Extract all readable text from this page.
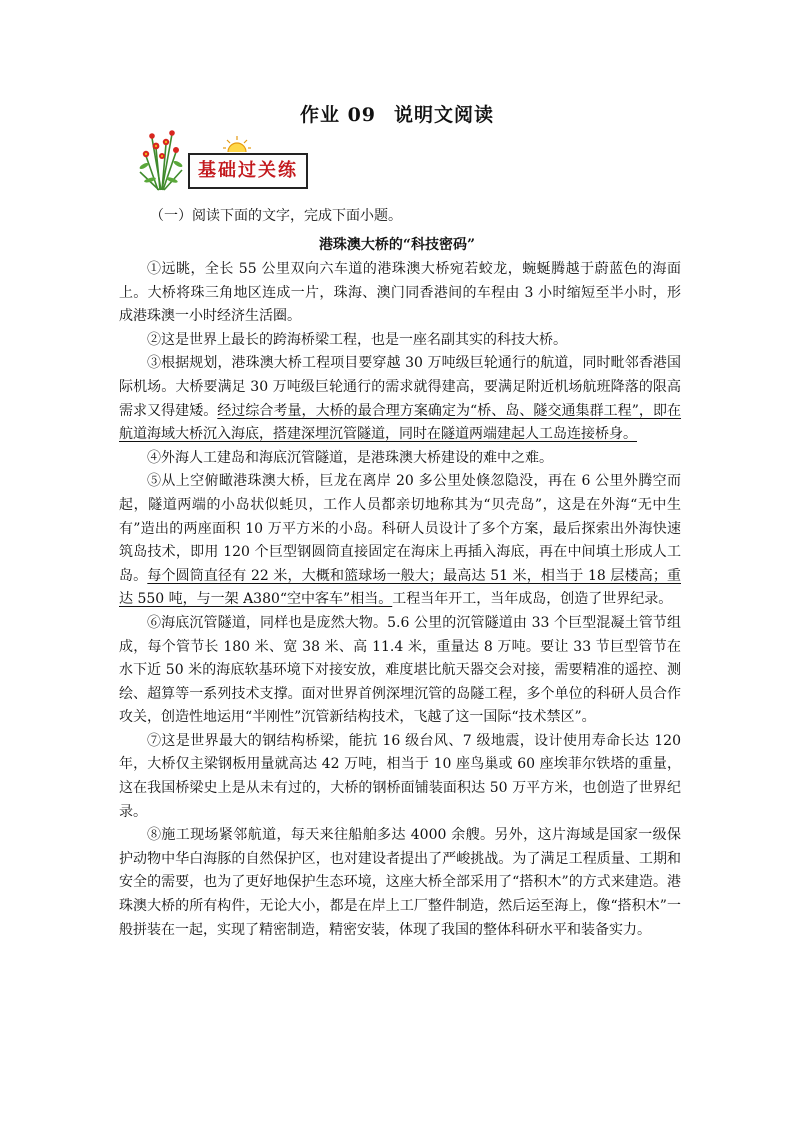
作业 09 说明文阅读
基础过关练
（一）阅读下面的文字，完成下面小题。
港珠澳大桥的“科技密码”

①远眺，全长 55 公里双向六车道的港珠澳大桥宛若蛟龙，蜿蜒腾越于蔚蓝色的海面上。大桥将珠三角地区连成一片，珠海、澳门同香港间的车程由 3 小时缩短至半小时，形成港珠澳一小时经济生活圈。

②这是世界上最长的跨海桥梁工程，也是一座名副其实的科技大桥。

③根据规划，港珠澳大桥工程项目要穿越 30 万吨级巨轮通行的航道，同时毗邻香港国际机场。大桥要满足 30 万吨级巨轮通行的需求就得建高，要满足附近机场航班降落的限高需求又得建矮。经过综合考量，大桥的最合理方案确定为“桥、岛、隧交通集群工程”，即在航道海域大桥沉入海底，搭建深埋沉管隧道，同时在隧道两端建起人工岛连接桥身。

④外海人工建岛和海底沉管隧道，是港珠澳大桥建设的难中之难。

⑤从上空俯瞰港珠澳大桥，巨龙在离岸 20 多公里处倏忽隐没，再在 6 公里外腾空而起，隧道两端的小岛状似蚝贝，工作人员都亲切地称其为“贝壳岛”，这是在外海“无中生有”造出的两座面积 10 万平方米的小岛。科研人员设计了多个方案，最后探索出外海快速筑岛技术，即用 120 个巨型钢圆筒直接固定在海床上再插入海底，再在中间填土形成人工岛。每个圆筒直径有 22 米，大概和篮球场一般大；最高达 51 米，相当于 18 层楼高；重达 550 吨，与一架 A380“空中客车”相当。工程当年开工，当年成岛，创造了世界纪录。

⑥海底沉管隧道，同样也是庞然大物。5.6 公里的沉管隧道由 33 个巨型混凝土管节组成，每个管节长 180 米、宽 38 米、高 11.4 米，重量达 8 万吨。要让 33 节巨型管节在水下近 50 米的海底软基环境下对接安放，难度堪比航天器交会对接，需要精准的遥控、测绘、超算等一系列技术支撑。面对世界首例深埋沉管的岛隧工程，多个单位的科研人员合作攻关，创造性地运用“半刚性”沉管新结构技术，飞越了这一国际“技术禁区”。

⑦这是世界最大的钢结构桥梁，能抗 16 级台风、7 级地震，设计使用寿命长达 120 年，大桥仅主梁钢板用量就高达 42 万吨，相当于 10 座鸟巢或 60 座埃菲尔铁塔的重量，这在我国桥梁史上是从未有过的，大桥的钢桥面铺装面积达 50 万平方米，也创造了世界纪录。

⑧施工现场紧邻航道，每天来往船舶多达 4000 余艘。另外，这片海域是国家一级保护动物中华白海豚的自然保护区，也对建设者提出了严峻挑战。为了满足工程质量、工期和安全的需要，也为了更好地保护生态环境，这座大桥全部采用了“搭积木”的方式来建造。港珠澳大桥的所有构件，无论大小，都是在岸上工厂整件制造，然后运至海上，像“搭积木”一般拼装在一起，实现了精密制造，精密安装，体现了我国的整体科研水平和装备实力。
